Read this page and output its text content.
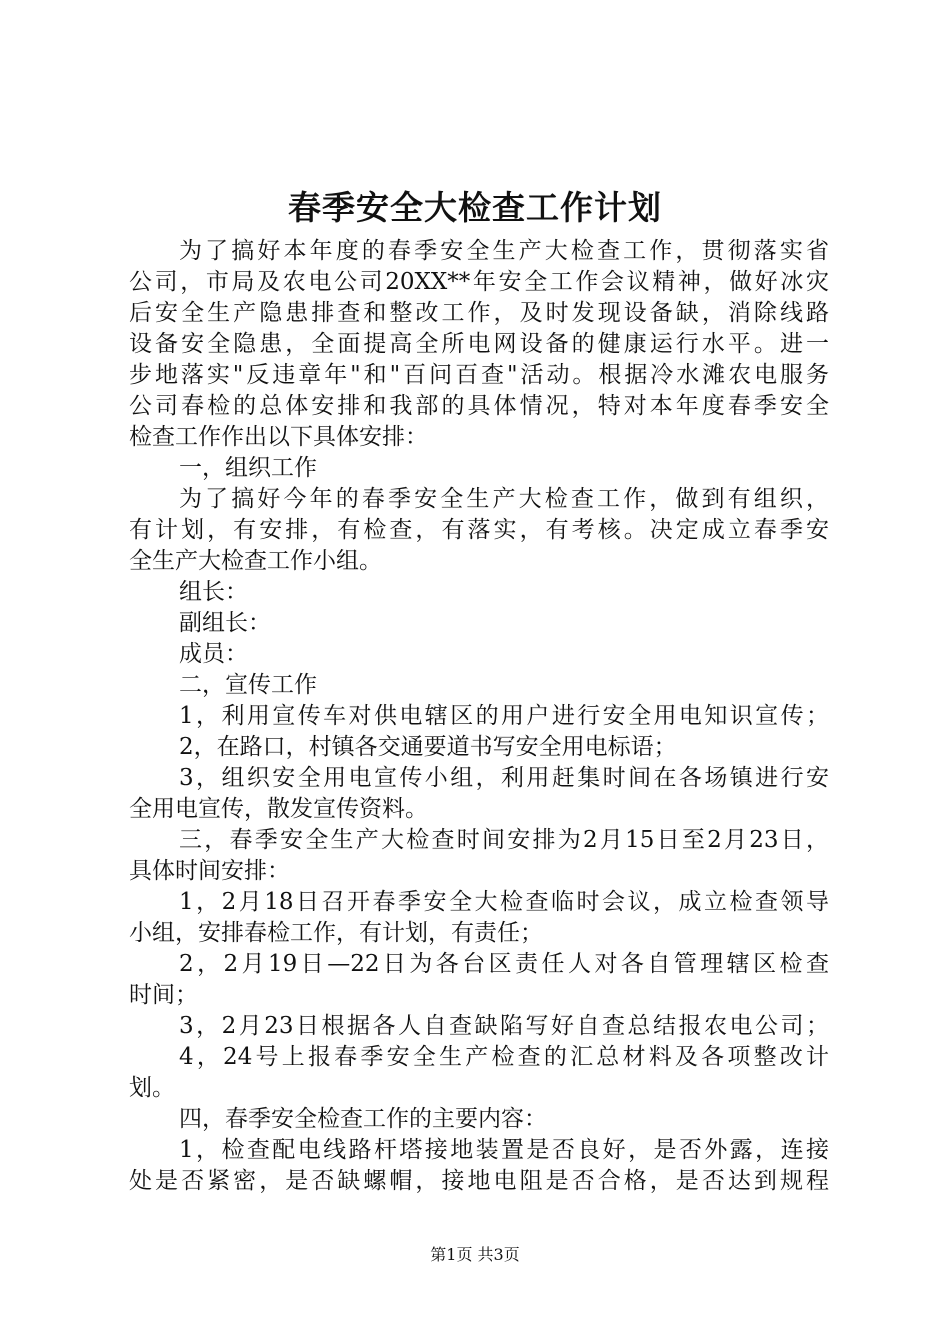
春季安全大检查工作计划
为了搞好本年度的春季安全生产大检查工作，贯彻落实省
公司，市局及农电公司20XX**年安全工作会议精神，做好冰灾
后安全生产隐患排查和整改工作，及时发现设备缺，消除线路
设备安全隐患，全面提高全所电网设备的健康运行水平。进一
步地落实"反违章年"和"百问百查"活动。根据冷水滩农电服务
公司春检的总体安排和我部的具体情况，特对本年度春季安全
检查工作作出以下具体安排：
一，组织工作
为了搞好今年的春季安全生产大检查工作，做到有组织，
有计划，有安排，有检查，有落实，有考核。决定成立春季安
全生产大检查工作小组。
组长：
副组长：
成员：
二，宣传工作
1，利用宣传车对供电辖区的用户进行安全用电知识宣传；
2，在路口，村镇各交通要道书写安全用电标语；
3，组织安全用电宣传小组，利用赶集时间在各场镇进行安
全用电宣传，散发宣传资料。
三，春季安全生产大检查时间安排为2月15日至2月23日，
具体时间安排：
1，2月18日召开春季安全大检查临时会议，成立检查领导
小组，安排春检工作，有计划，有责任；
2，2月19日—22日为各台区责任人对各自管理辖区检查
时间；
3，2月23日根据各人自查缺陷写好自查总结报农电公司；
4，24号上报春季安全生产检查的汇总材料及各项整改计
划。
四，春季安全检查工作的主要内容：
1，检查配电线路杆塔接地装置是否良好，是否外露，连接
处是否紧密，是否缺螺帽，接地电阻是否合格，是否达到规程
第1页 共3页
